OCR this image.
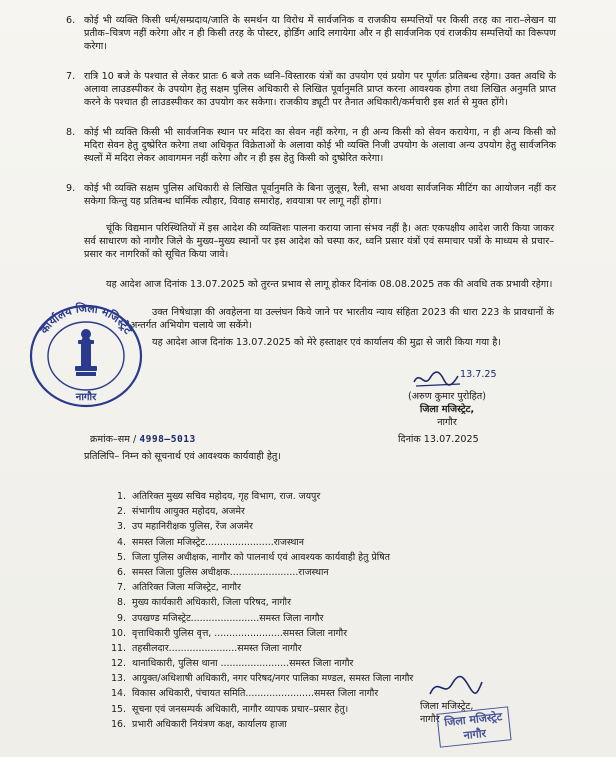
6. कोई भी व्यक्ति किसी धर्म/सम्प्रदाय/जाति के समर्थन या विरोध में सार्वजनिक व राजकीय सम्पत्तियों पर किसी तरह का नारा–लेखन या प्रतीक–चित्रण नहीं करेगा और न ही किसी तरह के पोस्टर, होर्डिंग आदि लगायेगा और न ही सार्वजनिक एवं राजकीय सम्पत्तियों का विरूपण करेगा।
7. रात्रि 10 बजे के पश्चात से लेकर प्रातः 6 बजे तक ध्वनि–विस्तारक यंत्रों का उपयोग एवं प्रयोग पर पूर्णतः प्रतिबन्ध रहेगा। उक्त अवधि के अलावा लाउडस्पीकर के उपयोग हेतु सक्षम पुलिस अधिकारी से लिखित पूर्वानुमति प्राप्त करना आवश्यक होगा तथा लिखित अनुमति प्राप्त करने के पश्चात ही लाउडस्पीकर का उपयोग कर सकेगा। राजकीय ड्यूटी पर तैनात अधिकारी/कर्मचारी इस शर्त से मुक्त होंगे।
8. कोई भी व्यक्ति किसी भी सार्वजनिक स्थान पर मदिरा का सेवन नहीं करेगा, न ही अन्य किसी को सेवन करायेगा, न ही अन्य किसी को मदिरा सेवन हेतु दुष्प्रेरित करेगा तथा अधिकृत विक्रेताओं के अलावा कोई भी व्यक्ति निजी उपयोग के अलावा अन्य उपयोग हेतु सार्वजनिक स्थलों में मदिरा लेकर आवागमन नहीं करेगा और न ही इस हेतु किसी को दुष्प्रेरित करेगा।
9. कोई भी व्यक्ति सक्षम पुलिस अधिकारी से लिखित पूर्वानुमति के बिना जुलूस, रैली, सभा अथवा सार्वजनिक मीटिंग का आयोजन नहीं कर सकेगा किन्तु यह प्रतिबन्ध धार्मिक त्यौहार, विवाह समारोह, शवयात्रा पर लागू नहीं होगा।
चूंकि विद्यमान परिस्थितियों में इस आदेश की व्यक्तिशः पालना कराया जाना संभव नहीं है। अतः एकपक्षीय आदेश जारी किया जाकर सर्व साधारण को नागौर जिले के मुख्य–मुख्य स्थानों पर इस आदेश को चस्पा कर, ध्वनि प्रसार यंत्रों एवं समाचार पत्रों के माध्यम से प्रचार–प्रसार कर नागरिकों को सूचित किया जावे।
यह आदेश आज दिनांक 13.07.2025 को तुरन्त प्रभाव से लागू होकर दिनांक 08.08.2025 तक की अवधि तक प्रभावी रहेगा।
उक्त निषेधाज्ञा की अवहेलना या उल्लंघन किये जाने पर भारतीय न्याय संहिता 2023 की धारा 223 के प्रावधानों के अन्तर्गत अभियोग चलाये जा सकेंगे।
यह आदेश आज दिनांक 13.07.2025 को मेरे हस्ताक्षर एवं कार्यालय की मुद्रा से जारी किया गया है।
कार्यालय जिला मजिस्ट्रेट
नागौर
13.7.25
(अरुण कुमार पुरोहित)
जिला मजिस्ट्रेट,
नागौर
क्रमांक–सम / 4998–5013	दिनांक 13.07.2025
प्रतिलिपि– निम्न को सूचनार्थ एवं आवश्यक कार्यवाही हेतु।
1. अतिरिक्त मुख्य सचिव महोदय, गृह विभाग, राज. जयपुर
2. संभागीय आयुक्त महोदय, अजमेर
3. उप महानिरीक्षक पुलिस, रेंज अजमेर
4. समस्त जिला मजिस्ट्रेट.......................राजस्थान
5. जिला पुलिस अधीक्षक, नागौर को पालनार्थ एवं आवश्यक कार्यवाही हेतु प्रेषित
6. समस्त जिला पुलिस अधीक्षक.......................राजस्थान
7. अतिरिक्त जिला मजिस्ट्रेट, नागौर
8. मुख्य कार्यकारी अधिकारी, जिला परिषद, नागौर
9. उपखण्ड मजिस्ट्रेट.......................समस्त जिला नागौर
10. वृत्ताधिकारी पुलिस वृत्त, .......................समस्त जिला नागौर
11. तहसीलदार.......................समस्त जिला नागौर
12. थानाधिकारी, पुलिस थाना .......................समस्त जिला नागौर
13. आयुक्त/अधिशाषी अधिकारी, नगर परिषद/नगर पालिका मण्डल, समस्त जिला नागौर
14. विकास अधिकारी, पंचायत समिति.......................समस्त जिला नागौर
15. सूचना एवं जनसम्पर्क अधिकारी, नागौर व्यापक प्रचार–प्रसार हेतु।
16. प्रभारी अधिकारी नियंत्रण कक्ष, कार्यालय हाजा
जिला मजिस्ट्रेट,
नागौर जिला मजिस्ट्रेट
नागौर
